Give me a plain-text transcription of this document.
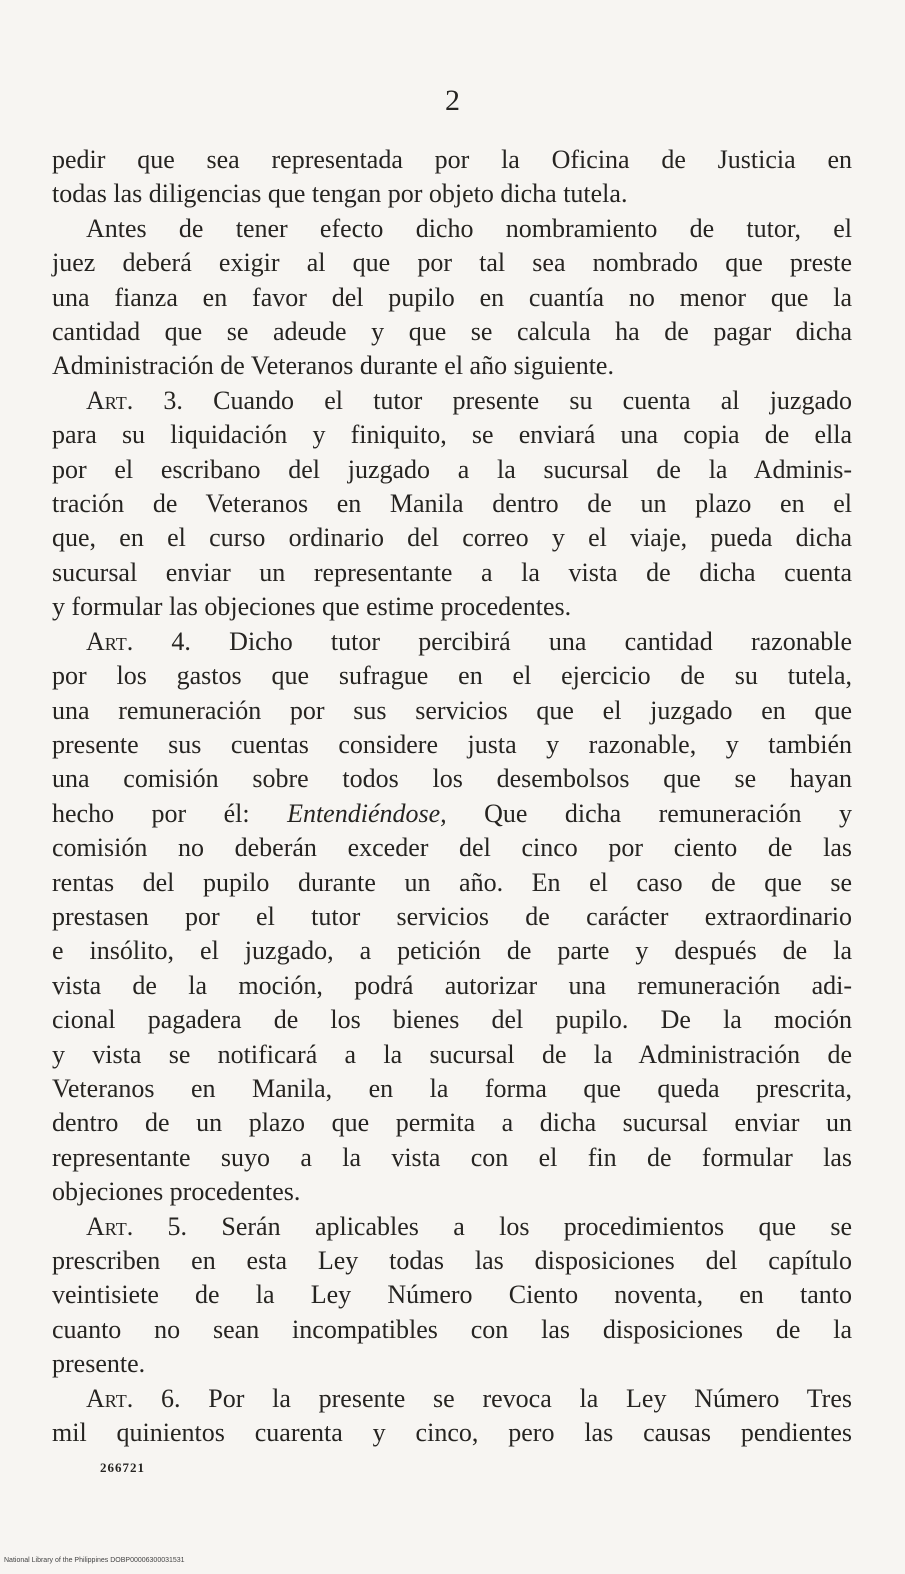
2
pedir que sea representada por la Oficina de Justicia en
todas las diligencias que tengan por objeto dicha tutela.
Antes de tener efecto dicho nombramiento de tutor, el
juez deberá exigir al que por tal sea nombrado que preste
una fianza en favor del pupilo en cuantía no menor que la
cantidad que se adeude y que se calcula ha de pagar dicha
Administración de Veteranos durante el año siguiente.
Art. 3. Cuando el tutor presente su cuenta al juzgado
para su liquidación y finiquito, se enviará una copia de ella
por el escribano del juzgado a la sucursal de la Adminis-
tración de Veteranos en Manila dentro de un plazo en el
que, en el curso ordinario del correo y el viaje, pueda dicha
sucursal enviar un representante a la vista de dicha cuenta
y formular las objeciones que estime procedentes.
Art. 4. Dicho tutor percibirá una cantidad razonable
por los gastos que sufrague en el ejercicio de su tutela,
una remuneración por sus servicios que el juzgado en que
presente sus cuentas considere justa y razonable, y también
una comisión sobre todos los desembolsos que se hayan
hecho por él: Entendiéndose, Que dicha remuneración y
comisión no deberán exceder del cinco por ciento de las
rentas del pupilo durante un año. En el caso de que se
prestasen por el tutor servicios de carácter extraordinario
e insólito, el juzgado, a petición de parte y después de la
vista de la moción, podrá autorizar una remuneración adi-
cional pagadera de los bienes del pupilo. De la moción
y vista se notificará a la sucursal de la Administración de
Veteranos en Manila, en la forma que queda prescrita,
dentro de un plazo que permita a dicha sucursal enviar un
representante suyo a la vista con el fin de formular las
objeciones procedentes.
Art. 5. Serán aplicables a los procedimientos que se
prescriben en esta Ley todas las disposiciones del capítulo
veintisiete de la Ley Número Ciento noventa, en tanto
cuanto no sean incompatibles con las disposiciones de la
presente.
Art. 6. Por la presente se revoca la Ley Número Tres
mil quinientos cuarenta y cinco, pero las causas pendientes
266721
National Library of the Philippines DOBP00006300031531
